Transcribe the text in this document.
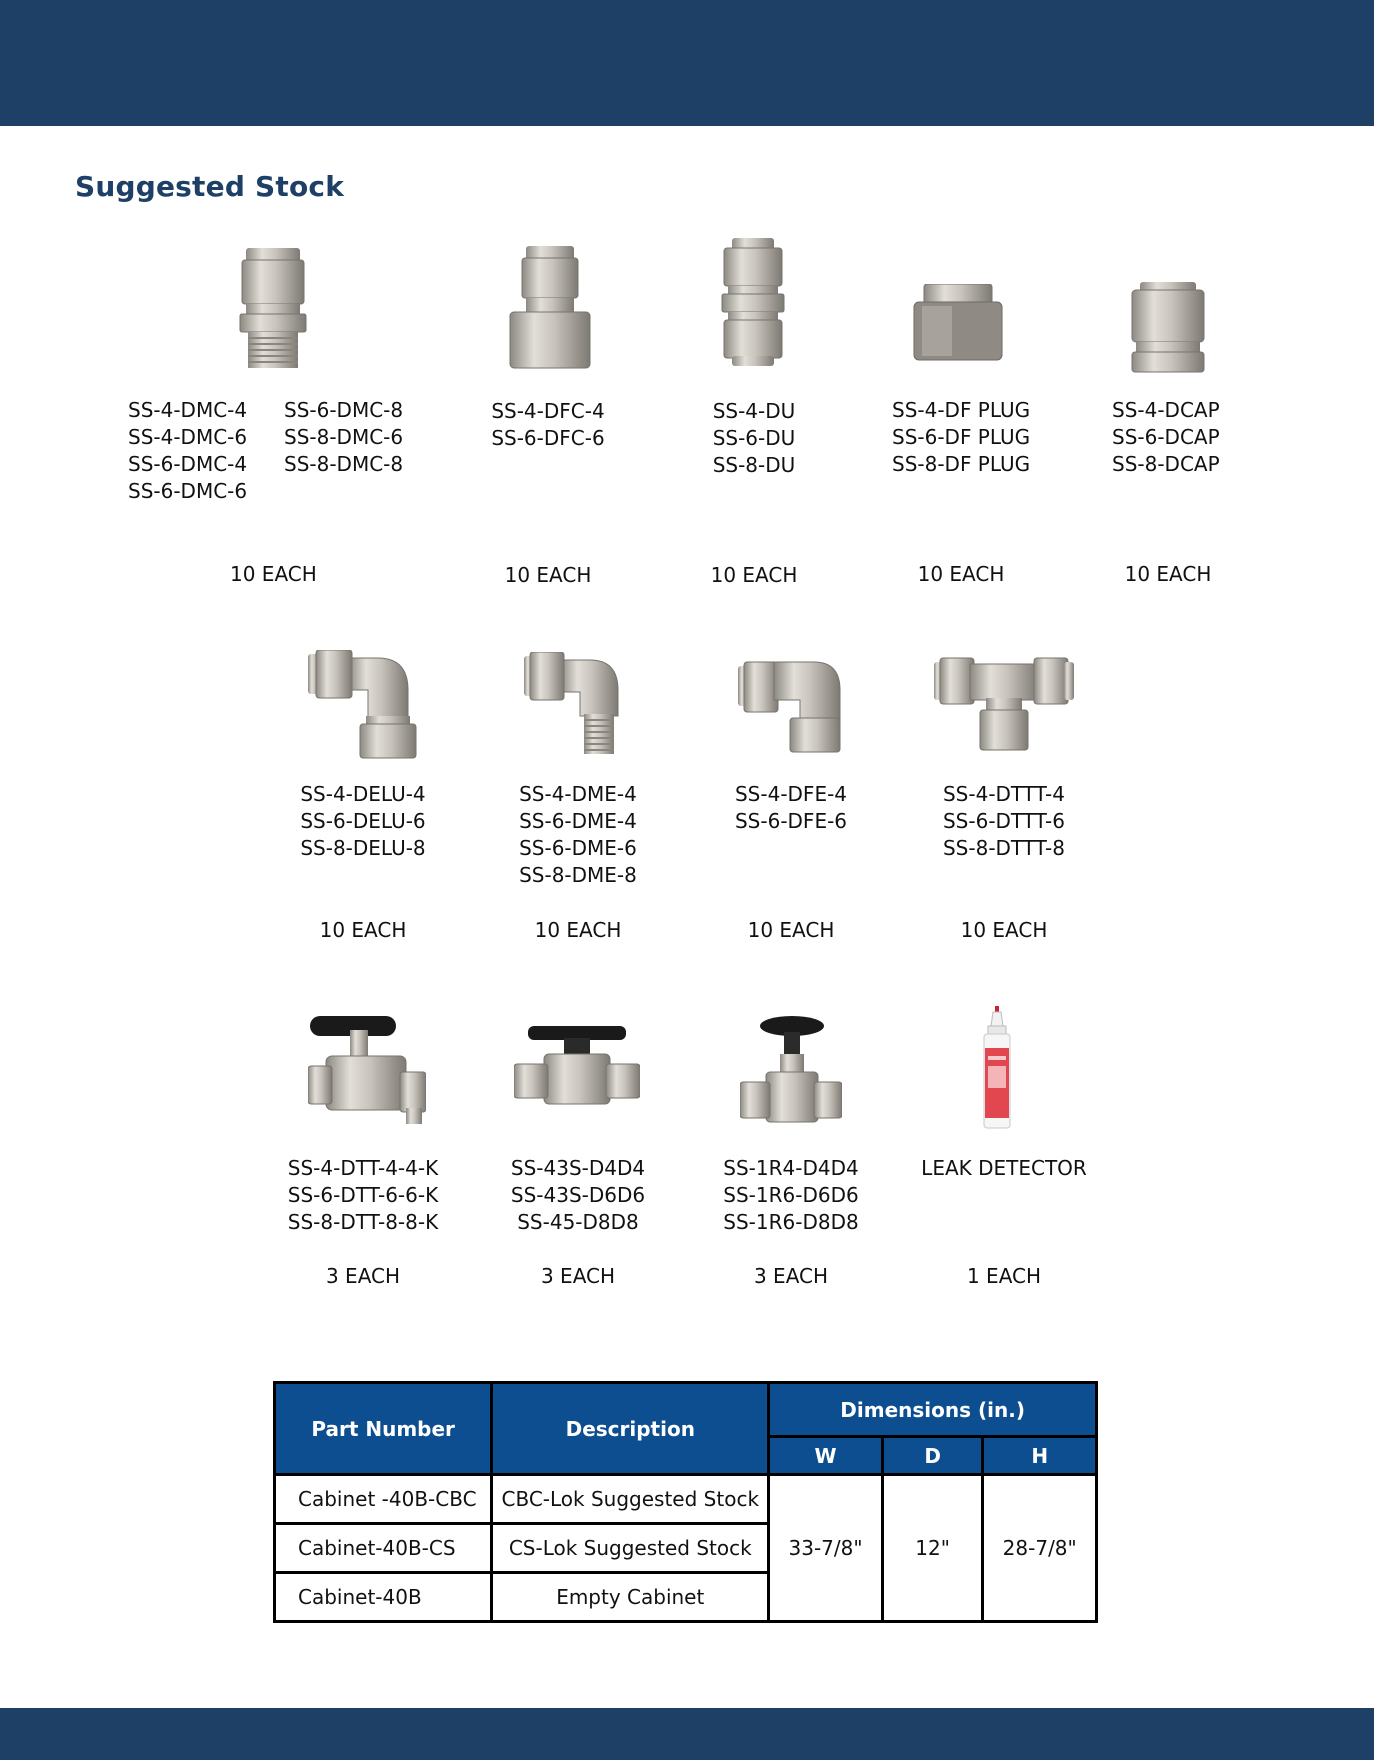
Suggested Stock
SS-4-DMC-4
SS-4-DMC-6
SS-6-DMC-4
SS-6-DMC-6
SS-6-DMC-8
SS-8-DMC-6
SS-8-DMC-8
10 EACH
SS-4-DFC-4
SS-6-DFC-6
10 EACH
SS-4-DU
SS-6-DU
SS-8-DU
10 EACH
SS-4-DF PLUG
SS-6-DF PLUG
SS-8-DF PLUG
10 EACH
SS-4-DCAP
SS-6-DCAP
SS-8-DCAP
10 EACH
SS-4-DELU-4
SS-6-DELU-6
SS-8-DELU-8
10 EACH
SS-4-DME-4
SS-6-DME-4
SS-6-DME-6
SS-8-DME-8
10 EACH
SS-4-DFE-4
SS-6-DFE-6
10 EACH
SS-4-DTTT-4
SS-6-DTTT-6
SS-8-DTTT-8
10 EACH
SS-4-DTT-4-4-K
SS-6-DTT-6-6-K
SS-8-DTT-8-8-K
3 EACH
SS-43S-D4D4
SS-43S-D6D6
SS-45-D8D8
3 EACH
SS-1R4-D4D4
SS-1R6-D6D6
SS-1R6-D8D8
3 EACH
LEAK DETECTOR
1 EACH
Part Number	Description	Dimensions (in.)		
		W	D	H
Cabinet -40B-CBC	CBC-Lok Suggested Stock	33-7/8"	12"	28-7/8"
Cabinet-40B-CS	CS-Lok Suggested Stock			
Cabinet-40B	Empty Cabinet			
